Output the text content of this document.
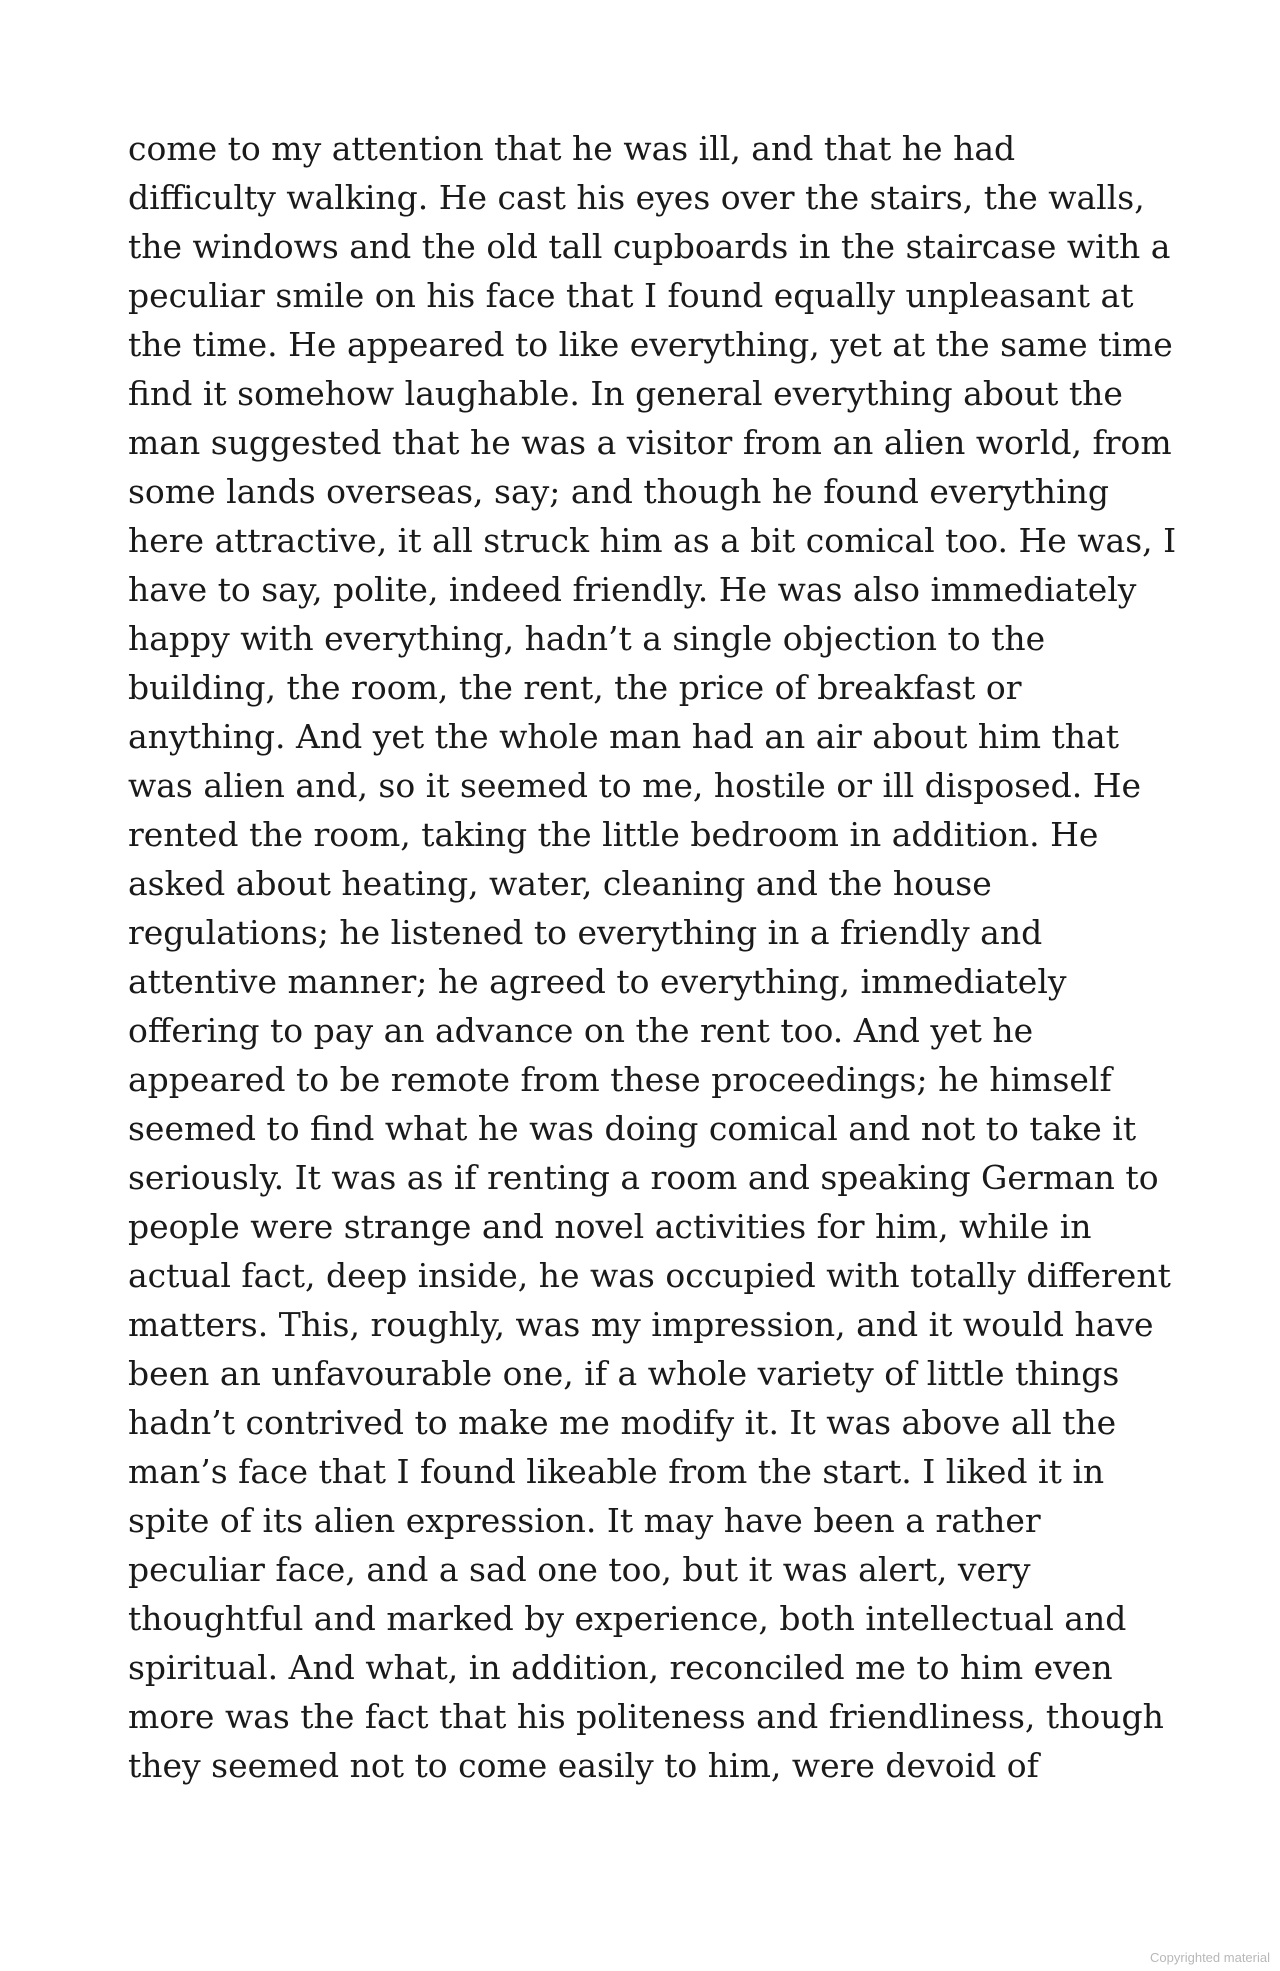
come to my attention that he was ill, and that he had
difficulty walking. He cast his eyes over the stairs, the walls,
the windows and the old tall cupboards in the staircase with a
peculiar smile on his face that I found equally unpleasant at
the time. He appeared to like everything, yet at the same time
find it somehow laughable. In general everything about the
man suggested that he was a visitor from an alien world, from
some lands overseas, say; and though he found everything
here attractive, it all struck him as a bit comical too. He was, I
have to say, polite, indeed friendly. He was also immediately
happy with everything, hadn’t a single objection to the
building, the room, the rent, the price of breakfast or
anything. And yet the whole man had an air about him that
was alien and, so it seemed to me, hostile or ill disposed. He
rented the room, taking the little bedroom in addition. He
asked about heating, water, cleaning and the house
regulations; he listened to everything in a friendly and
attentive manner; he agreed to everything, immediately
offering to pay an advance on the rent too. And yet he
appeared to be remote from these proceedings; he himself
seemed to find what he was doing comical and not to take it
seriously. It was as if renting a room and speaking German to
people were strange and novel activities for him, while in
actual fact, deep inside, he was occupied with totally different
matters. This, roughly, was my impression, and it would have
been an unfavourable one, if a whole variety of little things
hadn’t contrived to make me modify it. It was above all the
man’s face that I found likeable from the start. I liked it in
spite of its alien expression. It may have been a rather
peculiar face, and a sad one too, but it was alert, very
thoughtful and marked by experience, both intellectual and
spiritual. And what, in addition, reconciled me to him even
more was the fact that his politeness and friendliness, though
they seemed not to come easily to him, were devoid of
Copyrighted material
